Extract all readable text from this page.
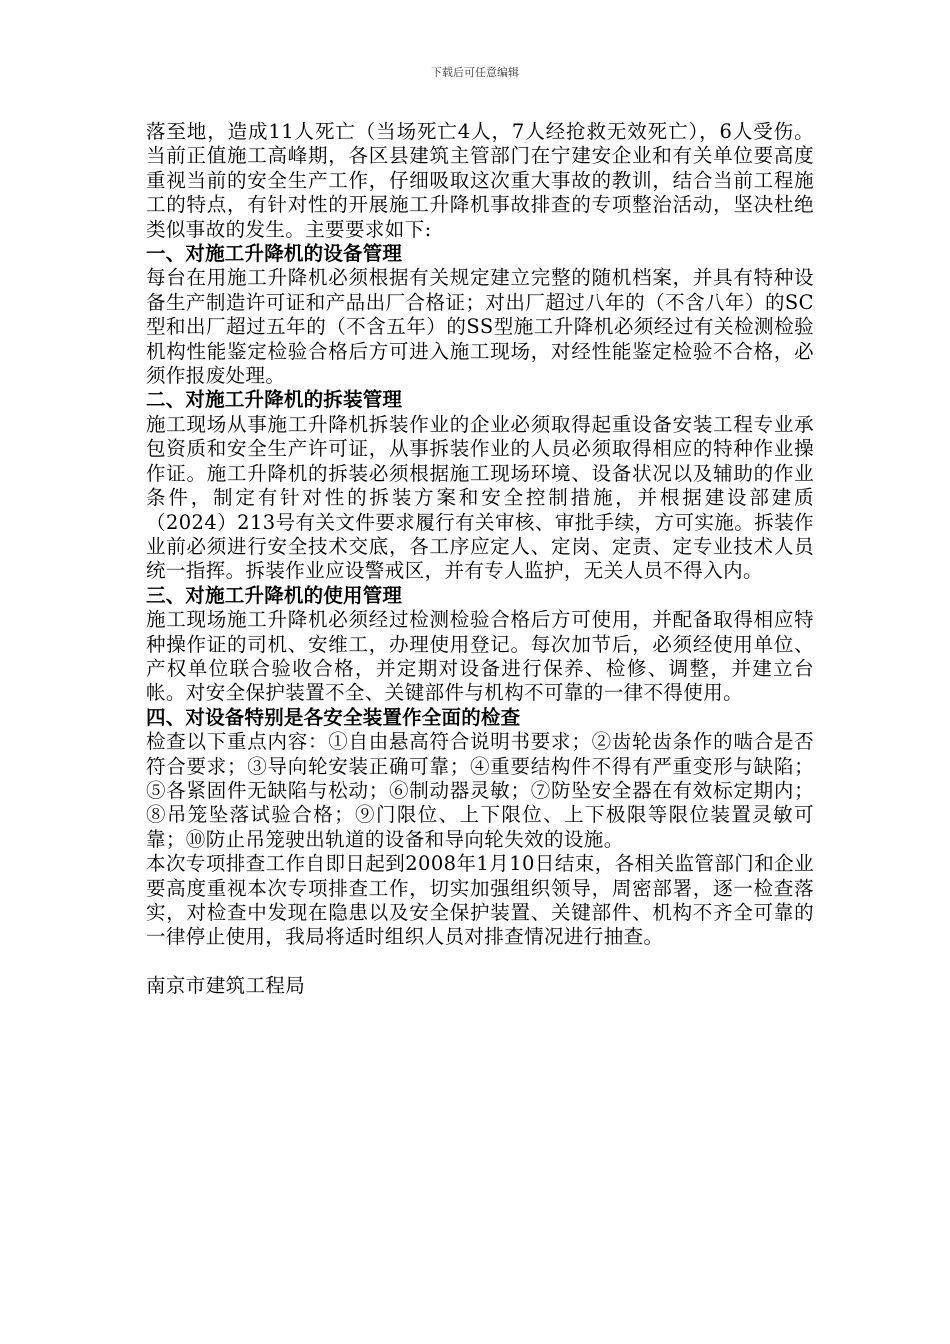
下载后可任意编辑

落至地，造成11人死亡（当场死亡4人，7人经抢救无效死亡），6人受伤。当前正值施工高峰期，各区县建筑主管部门在宁建安企业和有关单位要高度重视当前的安全生产工作，仔细吸取这次重大事故的教训，结合当前工程施工的特点，有针对性的开展施工升降机事故排查的专项整治活动，坚决杜绝类似事故的发生。主要要求如下:

一、对施工升降机的设备管理

每台在用施工升降机必须根据有关规定建立完整的随机档案，并具有特种设备生产制造许可证和产品出厂合格证；对出厂超过八年的（不含八年）的SC型和出厂超过五年的（不含五年）的SS型施工升降机必须经过有关检测检验机构性能鉴定检验合格后方可进入施工现场，对经性能鉴定检验不合格，必须作报废处理。

二、对施工升降机的拆装管理

施工现场从事施工升降机拆装作业的企业必须取得起重设备安装工程专业承包资质和安全生产许可证，从事拆装作业的人员必须取得相应的特种作业操作证。施工升降机的拆装必须根据施工现场环境、设备状况以及辅助的作业条件，制定有针对性的拆装方案和安全控制措施，并根据建设部建质（2024）213号有关文件要求履行有关审核、审批手续，方可实施。拆装作业前必须进行安全技术交底，各工序应定人、定岗、定责、定专业技术人员统一指挥。拆装作业应设警戒区，并有专人监护，无关人员不得入内。

三、对施工升降机的使用管理

施工现场施工升降机必须经过检测检验合格后方可使用，并配备取得相应特种操作证的司机、安维工，办理使用登记。每次加节后，必须经使用单位、产权单位联合验收合格，并定期对设备进行保养、检修、调整，并建立台帐。对安全保护装置不全、关键部件与机构不可靠的一律不得使用。

四、对设备特别是各安全装置作全面的检查

检查以下重点内容：①自由悬高符合说明书要求；②齿轮齿条作的啮合是否符合要求；③导向轮安装正确可靠；④重要结构件不得有严重变形与缺陷；⑤各紧固件无缺陷与松动；⑥制动器灵敏；⑦防坠安全器在有效标定期内；⑧吊笼坠落试验合格；⑨门限位、上下限位、上下极限等限位装置灵敏可靠；⑩防止吊笼驶出轨道的设备和导向轮失效的设施。

本次专项排查工作自即日起到2008年1月10日结束，各相关监管部门和企业要高度重视本次专项排查工作，切实加强组织领导，周密部署，逐一检查落实，对检查中发现在隐患以及安全保护装置、关键部件、机构不齐全可靠的一律停止使用，我局将适时组织人员对排查情况进行抽查。

南京市建筑工程局
